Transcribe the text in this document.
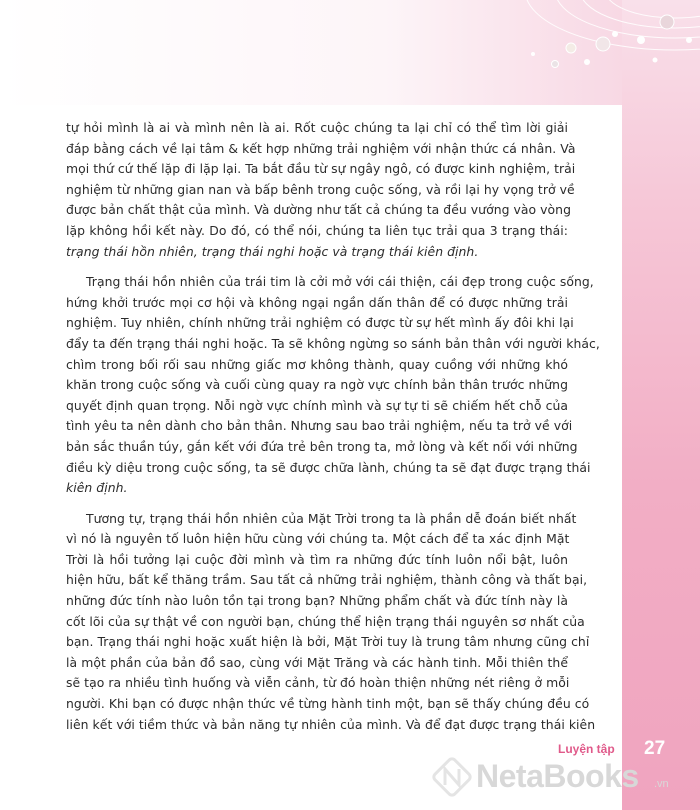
tự hỏi mình là ai và mình nên là ai. Rốt cuộc chúng ta lại chỉ có thể tìm lời giải
đáp bằng cách về lại tâm & kết hợp những trải nghiệm với nhận thức cá nhân. Và
mọi thứ cứ thế lặp đi lặp lại. Ta bắt đầu từ sự ngây ngô, có được kinh nghiệm, trải
nghiệm từ những gian nan và bấp bênh trong cuộc sống, và rồi lại hy vọng trở về
được bản chất thật của mình. Và dường như tất cả chúng ta đều vướng vào vòng
lặp không hồi kết này. Do đó, có thể nói, chúng ta liên tục trải qua 3 trạng thái:
trạng thái hồn nhiên, trạng thái nghi hoặc và trạng thái kiên định.

Trạng thái hồn nhiên của trái tim là cởi mở với cái thiện, cái đẹp trong cuộc sống,
hứng khởi trước mọi cơ hội và không ngại ngần dấn thân để có được những trải
nghiệm. Tuy nhiên, chính những trải nghiệm có được từ sự hết mình ấy đôi khi lại
đẩy ta đến trạng thái nghi hoặc. Ta sẽ không ngừng so sánh bản thân với người khác,
chìm trong bối rối sau những giấc mơ không thành, quay cuồng với những khó
khăn trong cuộc sống và cuối cùng quay ra ngờ vực chính bản thân trước những
quyết định quan trọng. Nỗi ngờ vực chính mình và sự tự ti sẽ chiếm hết chỗ của
tình yêu ta nên dành cho bản thân. Nhưng sau bao trải nghiệm, nếu ta trở về với
bản sắc thuần túy, gắn kết với đứa trẻ bên trong ta, mở lòng và kết nối với những
điều kỳ diệu trong cuộc sống, ta sẽ được chữa lành, chúng ta sẽ đạt được trạng thái
kiên định.

Tương tự, trạng thái hồn nhiên của Mặt Trời trong ta là phần dễ đoán biết nhất
vì nó là nguyên tố luôn hiện hữu cùng với chúng ta. Một cách để ta xác định Mặt
Trời là hồi tưởng lại cuộc đời mình và tìm ra những đức tính luôn nổi bật, luôn
hiện hữu, bất kể thăng trầm. Sau tất cả những trải nghiệm, thành công và thất bại,
những đức tính nào luôn tồn tại trong bạn? Những phẩm chất và đức tính này là
cốt lõi của sự thật về con người bạn, chúng thể hiện trạng thái nguyên sơ nhất của
bạn. Trạng thái nghi hoặc xuất hiện là bởi, Mặt Trời tuy là trung tâm nhưng cũng chỉ
là một phần của bản đồ sao, cùng với Mặt Trăng và các hành tinh. Mỗi thiên thể
sẽ tạo ra nhiều tình huống và viễn cảnh, từ đó hoàn thiện những nét riêng ở mỗi
người. Khi bạn có được nhận thức về từng hành tinh một, bạn sẽ thấy chúng đều có
liên kết với tiềm thức và bản năng tự nhiên của mình. Và để đạt được trạng thái kiên

Luyện tập 27
NetaBooks .vn
